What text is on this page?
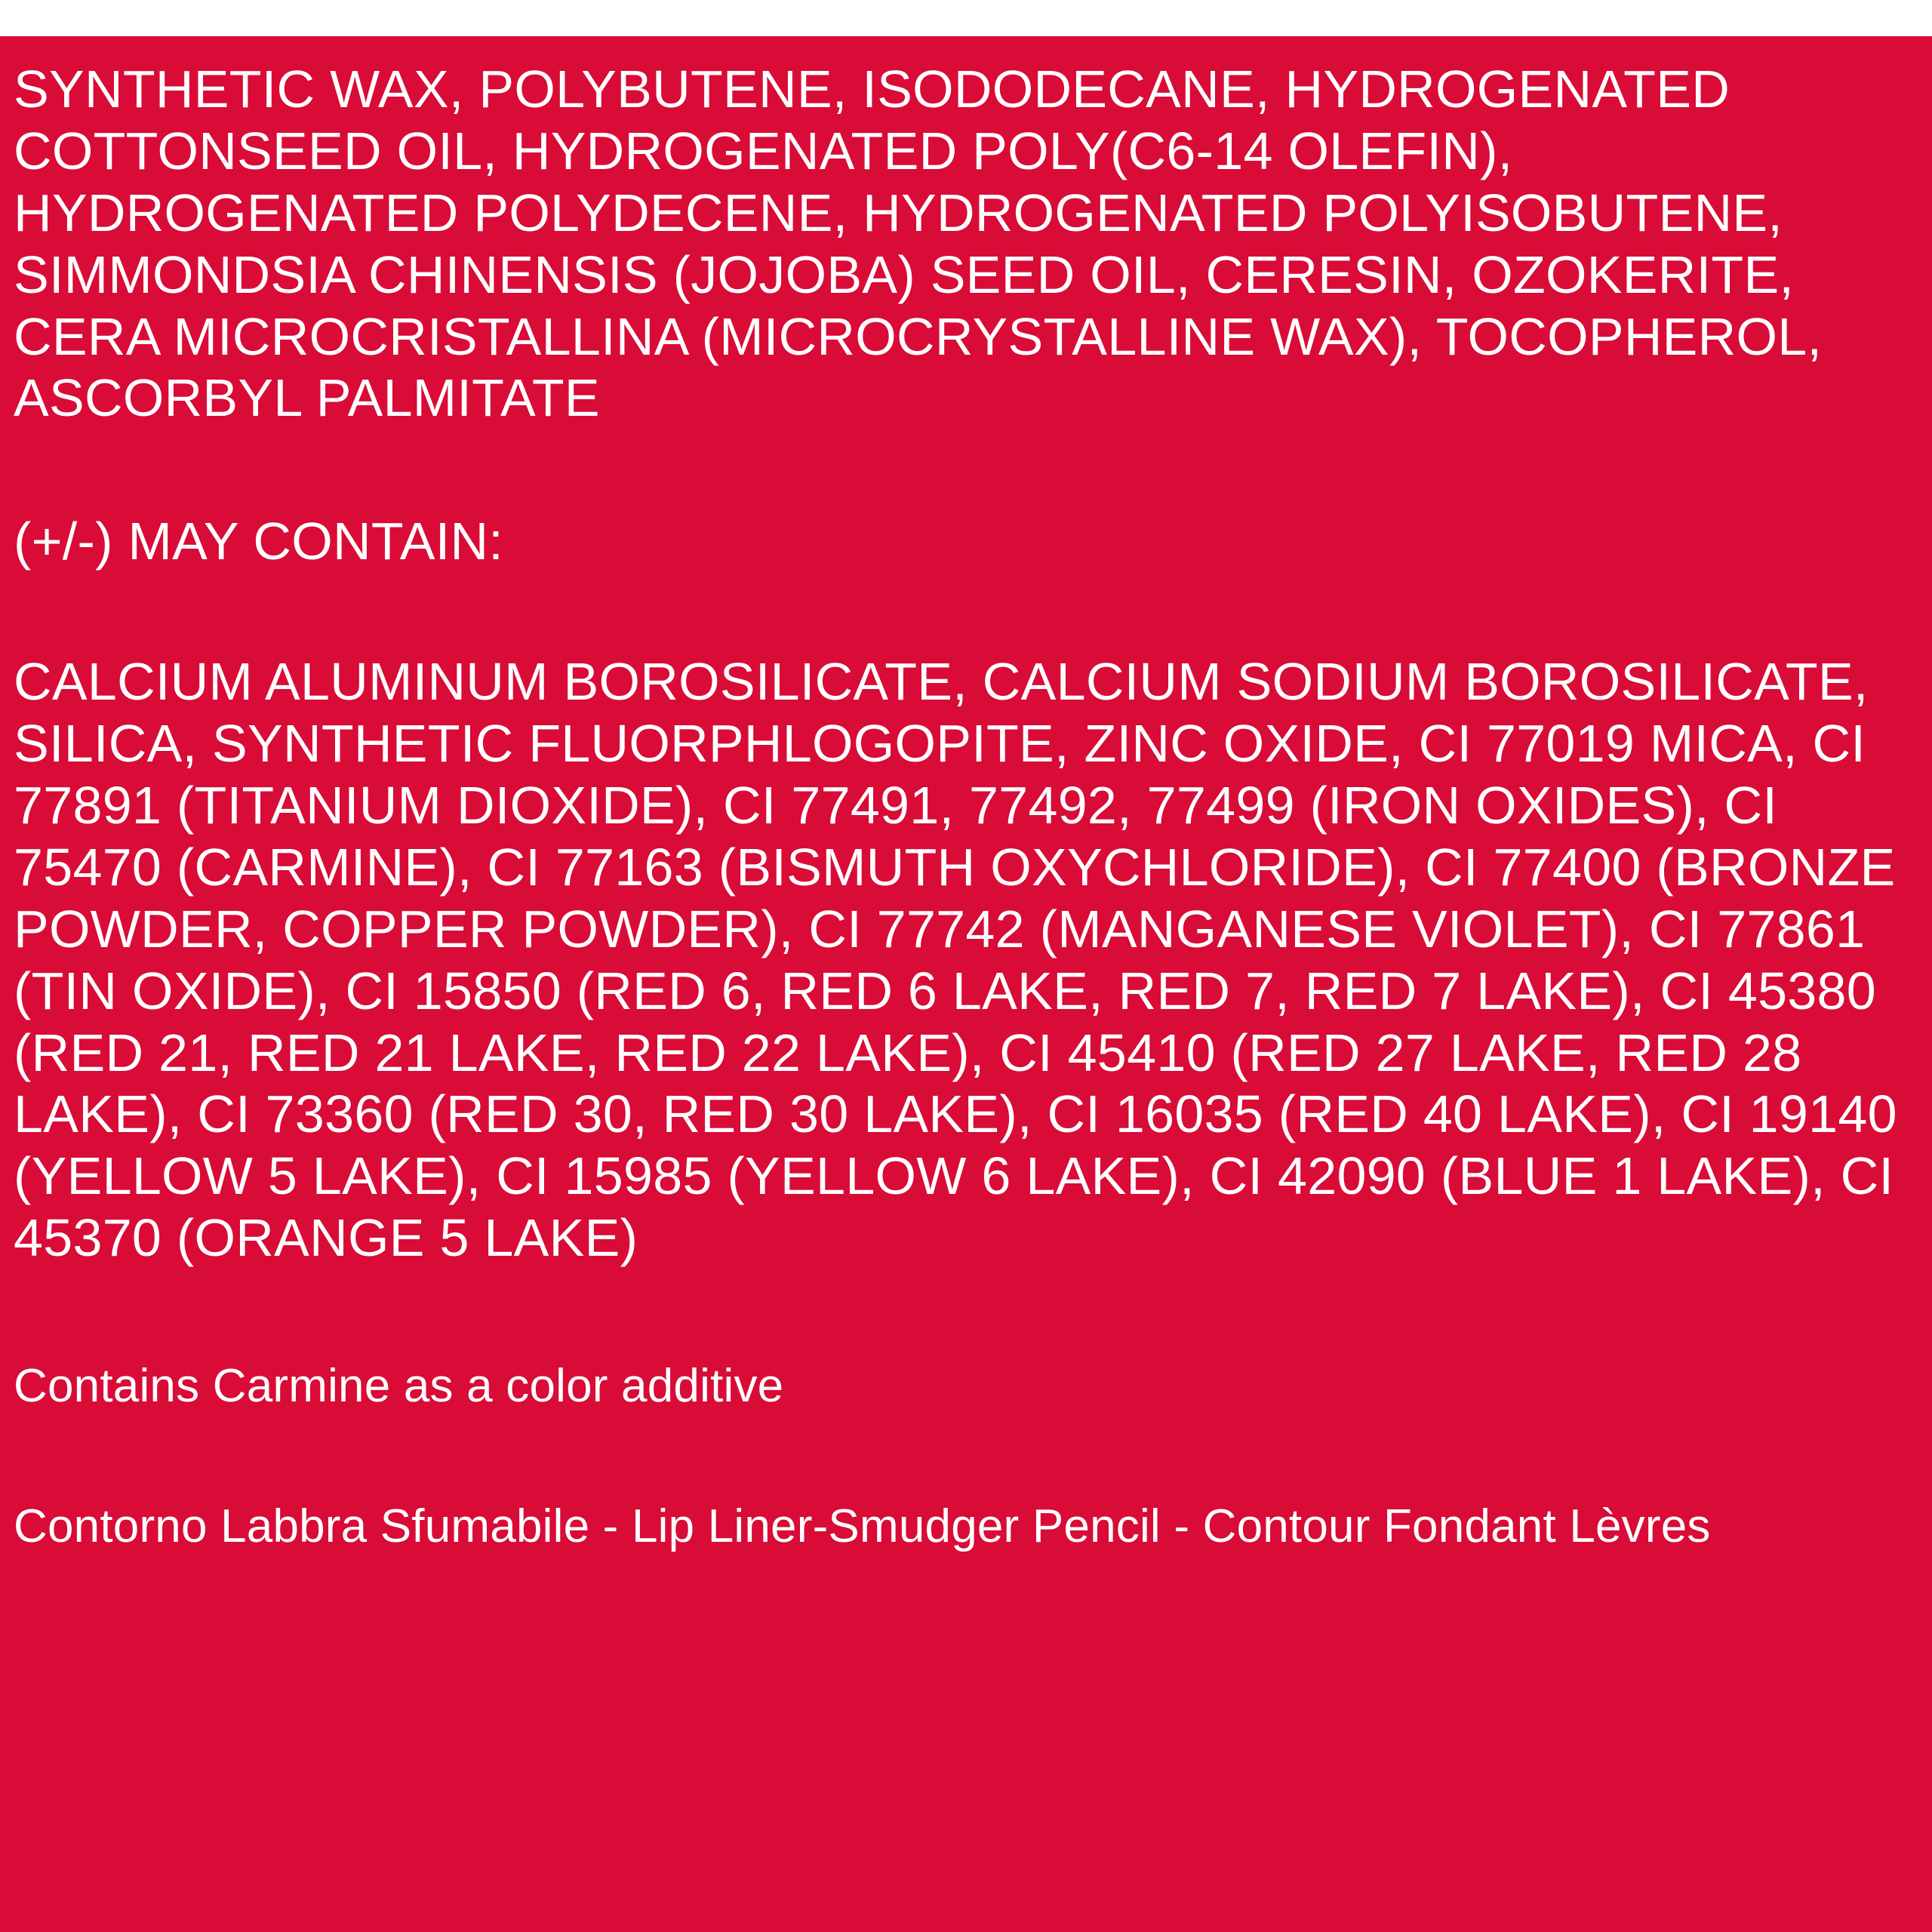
SYNTHETIC WAX, POLYBUTENE, ISODODECANE, HYDROGENATED COTTONSEED OIL, HYDROGENATED POLY(C6-14 OLEFIN), HYDROGENATED POLYDECENE, HYDROGENATED POLYISOBUTENE, SIMMONDSIA CHINENSIS (JOJOBA) SEED OIL, CERESIN, OZOKERITE, CERA MICROCRISTALLINA (MICROCRYSTALLINE WAX), TOCOPHEROL, ASCORBYL PALMITATE
(+/-) MAY CONTAIN:
CALCIUM ALUMINUM BOROSILICATE, CALCIUM SODIUM BOROSILICATE, SILICA, SYNTHETIC FLUORPHLOGOPITE, ZINC OXIDE, CI 77019 MICA, CI 77891 (TITANIUM DIOXIDE), CI 77491, 77492, 77499 (IRON OXIDES), CI 75470 (CARMINE), CI 77163 (BISMUTH OXYCHLORIDE), CI 77400 (BRONZE POWDER, COPPER POWDER), CI 77742 (MANGANESE VIOLET), CI 77861 (TIN OXIDE), CI 15850 (RED 6, RED 6 LAKE, RED 7, RED 7 LAKE), CI 45380 (RED 21, RED 21 LAKE, RED 22 LAKE), CI 45410 (RED 27 LAKE, RED 28 LAKE), CI 73360 (RED 30, RED 30 LAKE), CI 16035 (RED 40 LAKE), CI 19140 (YELLOW 5 LAKE), CI 15985 (YELLOW 6 LAKE), CI 42090 (BLUE 1 LAKE), CI 45370 (ORANGE 5 LAKE)
Contains Carmine as a color additive
Contorno Labbra Sfumabile - Lip Liner-Smudger Pencil - Contour Fondant Lèvres
